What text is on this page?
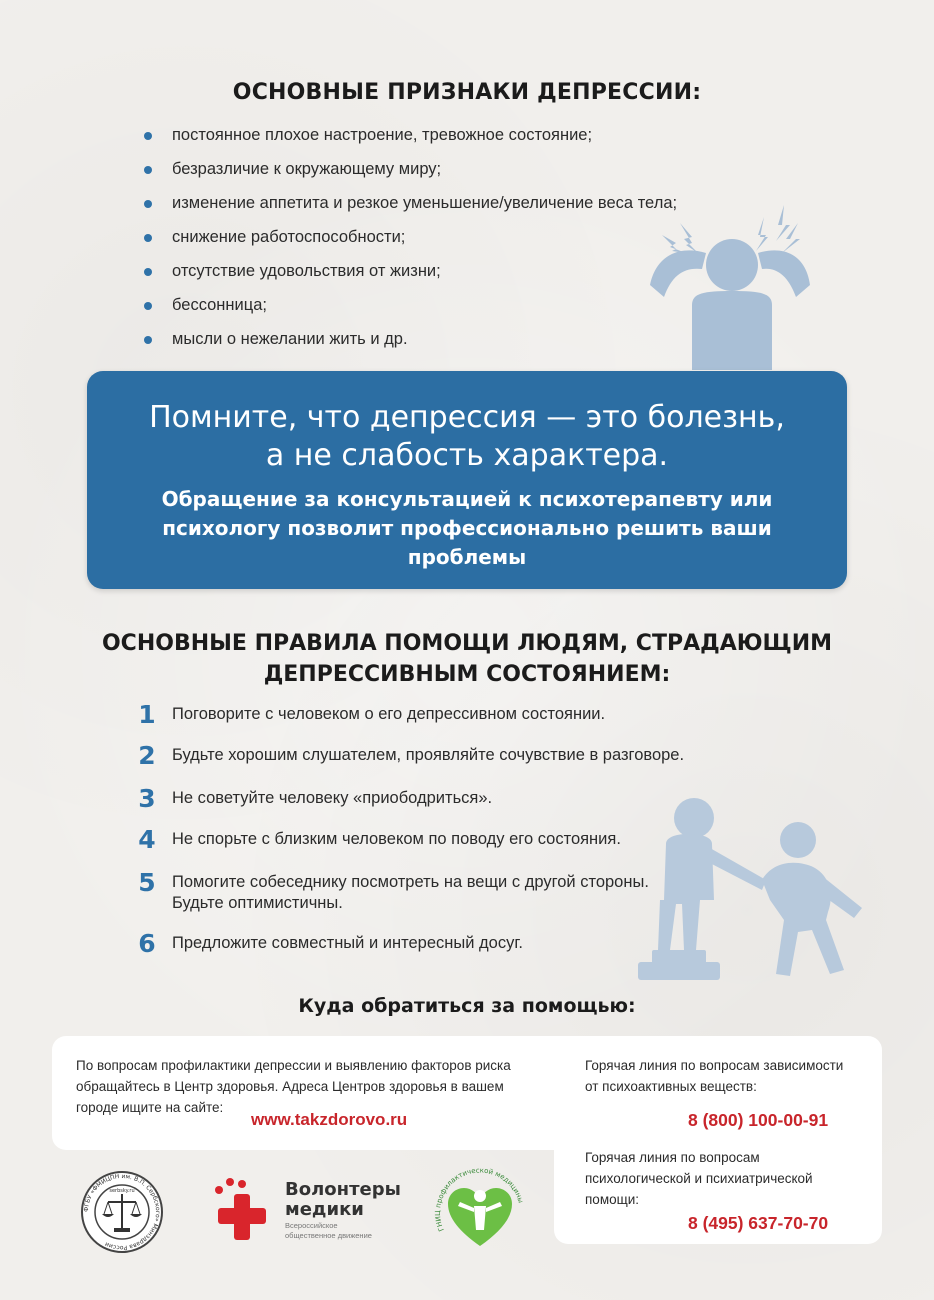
ОСНОВНЫЕ ПРИЗНАКИ ДЕПРЕССИИ:
постоянное плохое настроение, тревожное состояние;
безразличие к окружающему миру;
изменение аппетита и резкое уменьшение/увеличение веса тела;
снижение работоспособности;
отсутствие удовольствия от жизни;
бессонница;
мысли о нежелании жить и др.
Помните, что депрессия — это болезнь,
а не слабость характера.
Обращение за консультацией к психотерапевту или психологу позволит профессионально решить ваши проблемы
ОСНОВНЫЕ ПРАВИЛА ПОМОЩИ ЛЮДЯМ, СТРАДАЮЩИМ
ДЕПРЕССИВНЫМ СОСТОЯНИЕМ:
1 Поговорите с человеком о его депрессивном состоянии.
2 Будьте хорошим слушателем, проявляйте сочувствие в разговоре.
3 Не советуйте человеку «приободриться».
4 Не спорьте с близким человеком по поводу его состояния.
5 Помогите собеседнику посмотреть на вещи с другой стороны.
Будьте оптимистичны.
6 Предложите совместный и интересный досуг.
Куда обратиться за помощью:
По вопросам профилактики депрессии и выявлению факторов риска
обращайтесь в Центр здоровья. Адреса Центров здоровья в вашем
городе ищите на сайте:
www.takzdorovo.ru
Горячая линия по вопросам зависимости
от психоактивных веществ:
8 (800) 100-00-91
Горячая линия по вопросам
психологической и психиатрической
помощи:
8 (495) 637-70-70
serbsky.ru
ФГБУ «ФМИЦПН им. В.П. Сербского» Минздрава России
Волонтеры
медики
Всероссийское
общественное движение
ГНИЦ профилактической медицины
